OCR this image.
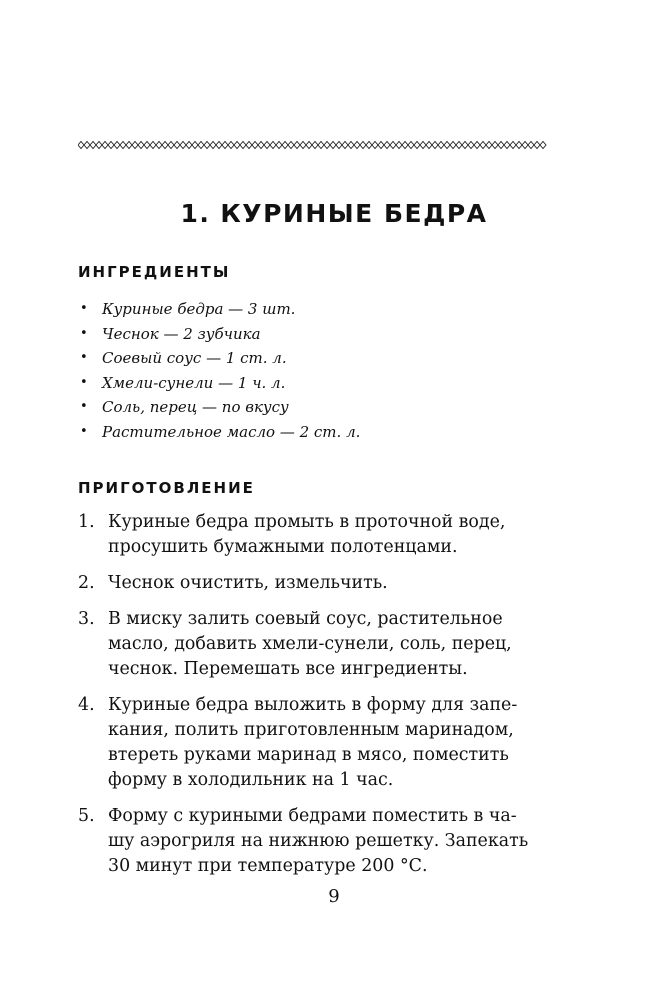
1. КУРИНЫЕ БЕДРА
ИНГРЕДИЕНТЫ
• Куриные бедра — 3 шт.
• Чеснок — 2 зубчика
• Соевый соус — 1 ст. л.
• Хмели-сунели — 1 ч. л.
• Соль, перец — по вкусу
• Растительное масло — 2 ст. л.
ПРИГОТОВЛЕНИЕ
1. Куриные бедра промыть в проточной воде,
просушить бумажными полотенцами.
2. Чеснок очистить, измельчить.
3. В миску залить соевый соус, растительное
масло, добавить хмели-сунели, соль, перец,
чеснок. Перемешать все ингредиенты.
4. Куриные бедра выложить в форму для запе-
кания, полить приготовленным маринадом,
втереть руками маринад в мясо, поместить
форму в холодильник на 1 час.
5. Форму с куриными бедрами поместить в ча-
шу аэрогриля на нижнюю решетку. Запекать
30 минут при температуре 200 °С.

9
